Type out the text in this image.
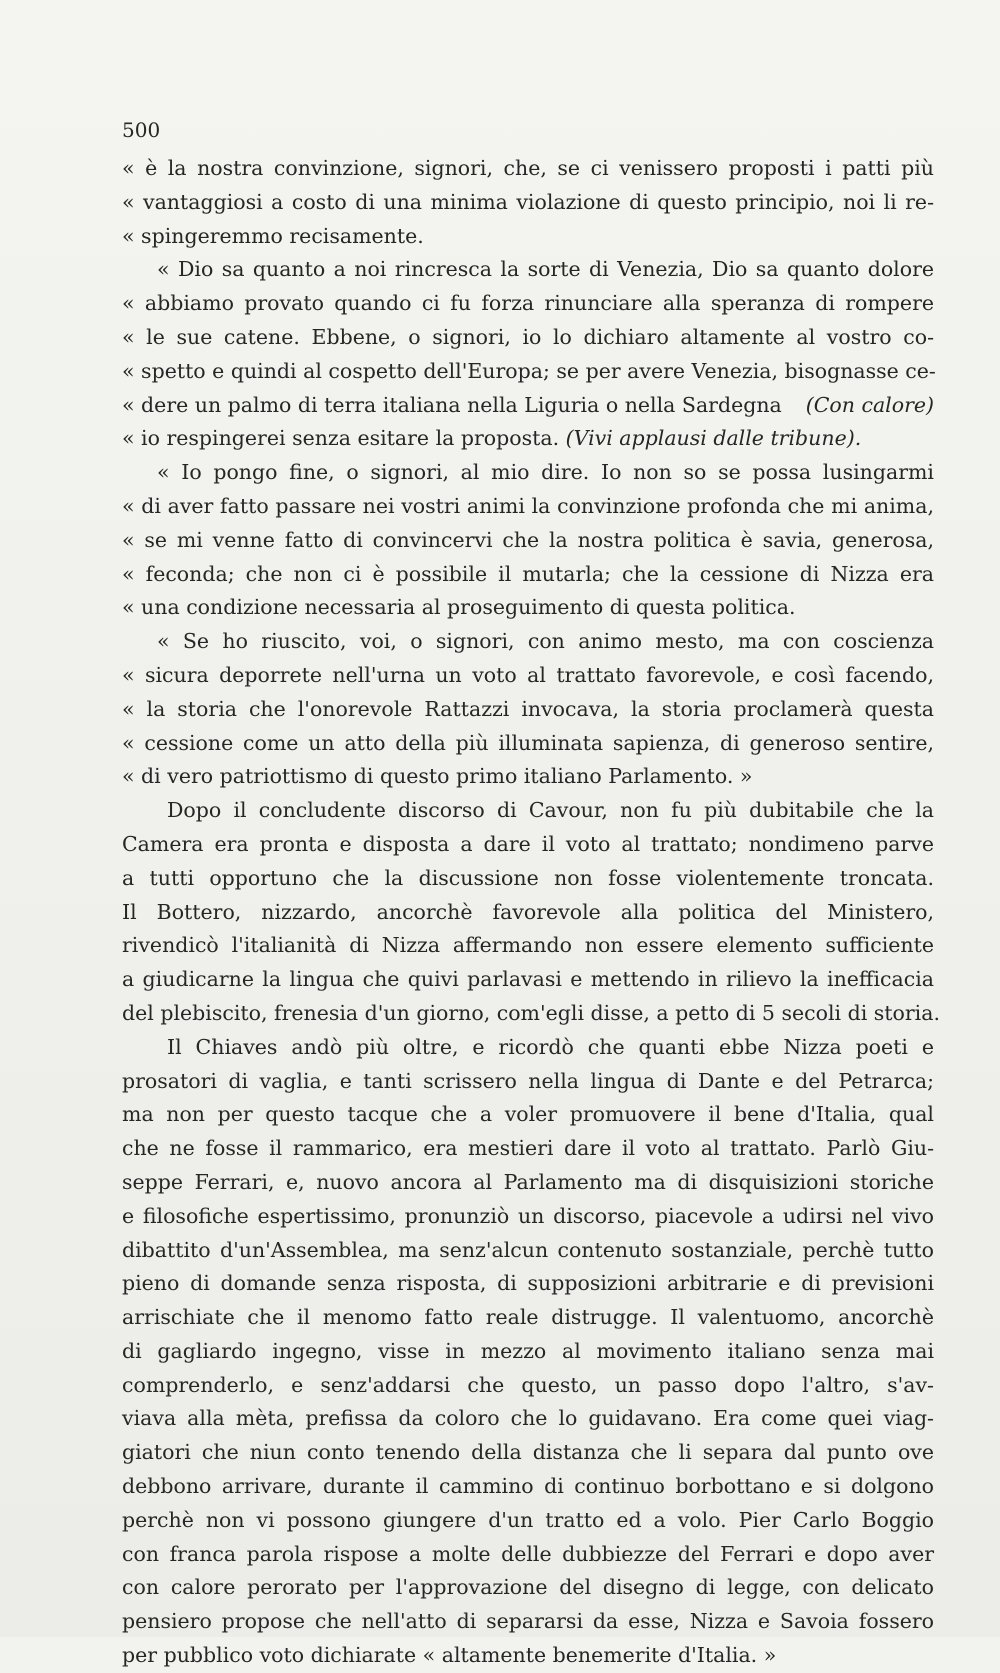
500
« è la nostra convinzione, signori, che, se ci venissero proposti i patti più
« vantaggiosi a costo di una minima violazione di questo principio, noi li re-
« spingeremmo recisamente.
« Dio sa quanto a noi rincresca la sorte di Venezia, Dio sa quanto dolore
« abbiamo provato quando ci fu forza rinunciare alla speranza di rompere
« le sue catene. Ebbene, o signori, io lo dichiaro altamente al vostro co-
« spetto e quindi al cospetto dell'Europa; se per avere Venezia, bisognasse ce-
« dere un palmo di terra italiana nella Liguria o nella Sardegna (Con calore)
« io respingerei senza esitare la proposta. (Vivi applausi dalle tribune).
« Io pongo fine, o signori, al mio dire. Io non so se possa lusingarmi
« di aver fatto passare nei vostri animi la convinzione profonda che mi anima,
« se mi venne fatto di convincervi che la nostra politica è savia, generosa,
« feconda; che non ci è possibile il mutarla; che la cessione di Nizza era
« una condizione necessaria al proseguimento di questa politica.
« Se ho riuscito, voi, o signori, con animo mesto, ma con coscienza
« sicura deporrete nell'urna un voto al trattato favorevole, e così facendo,
« la storia che l'onorevole Rattazzi invocava, la storia proclamerà questa
« cessione come un atto della più illuminata sapienza, di generoso sentire,
« di vero patriottismo di questo primo italiano Parlamento. »
Dopo il concludente discorso di Cavour, non fu più dubitabile che la
Camera era pronta e disposta a dare il voto al trattato; nondimeno parve
a tutti opportuno che la discussione non fosse violentemente troncata.
Il Bottero, nizzardo, ancorchè favorevole alla politica del Ministero,
rivendicò l'italianità di Nizza affermando non essere elemento sufficiente
a giudicarne la lingua che quivi parlavasi e mettendo in rilievo la inefficacia
del plebiscito, frenesia d'un giorno, com'egli disse, a petto di 5 secoli di storia.
Il Chiaves andò più oltre, e ricordò che quanti ebbe Nizza poeti e
prosatori di vaglia, e tanti scrissero nella lingua di Dante e del Petrarca;
ma non per questo tacque che a voler promuovere il bene d'Italia, qual
che ne fosse il rammarico, era mestieri dare il voto al trattato. Parlò Giu-
seppe Ferrari, e, nuovo ancora al Parlamento ma di disquisizioni storiche
e filosofiche espertissimo, pronunziò un discorso, piacevole a udirsi nel vivo
dibattito d'un'Assemblea, ma senz'alcun contenuto sostanziale, perchè tutto
pieno di domande senza risposta, di supposizioni arbitrarie e di previsioni
arrischiate che il menomo fatto reale distrugge. Il valentuomo, ancorchè
di gagliardo ingegno, visse in mezzo al movimento italiano senza mai
comprenderlo, e senz'addarsi che questo, un passo dopo l'altro, s'av-
viava alla mèta, prefissa da coloro che lo guidavano. Era come quei viag-
giatori che niun conto tenendo della distanza che li separa dal punto ove
debbono arrivare, durante il cammino di continuo borbottano e si dolgono
perchè non vi possono giungere d'un tratto ed a volo. Pier Carlo Boggio
con franca parola rispose a molte delle dubbiezze del Ferrari e dopo aver
con calore perorato per l'approvazione del disegno di legge, con delicato
pensiero propose che nell'atto di separarsi da esse, Nizza e Savoia fossero
per pubblico voto dichiarate « altamente benemerite d'Italia. »
